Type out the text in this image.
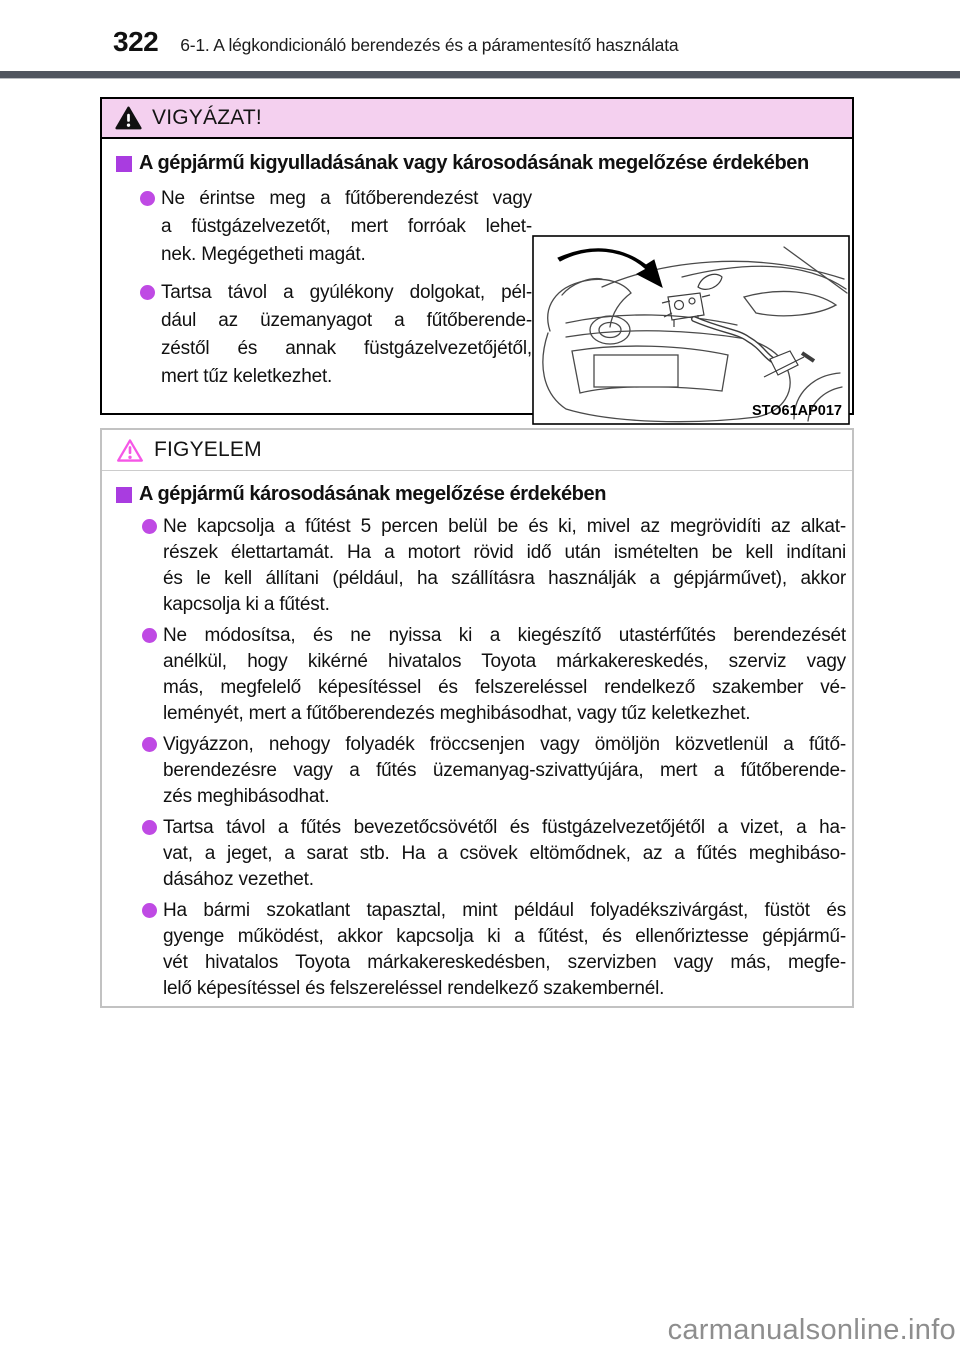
322 6-1. A légkondicionáló berendezés és a páramentesítő használata
VIGYÁZAT!
A gépjármű kigyulladásának vagy károsodásának megelőzése érdekében
Ne érintse meg a fűtőberendezést vagy
a füstgázelvezetőt, mert forróak lehet-
nek. Megégetheti magát.
Tartsa távol a gyúlékony dolgokat, pél-
dául az üzemanyagot a fűtőberende-
zéstől és annak füstgázelvezetőjétől,
mert tűz keletkezhet.
STO61AP017
FIGYELEM
A gépjármű károsodásának megelőzése érdekében
Ne kapcsolja a fűtést 5 percen belül be és ki, mivel az megrövidíti az alkat-
részek élettartamát. Ha a motort rövid idő után ismételten be kell indítani
és le kell állítani (például, ha szállításra használják a gépjárművet), akkor
kapcsolja ki a fűtést.
Ne módosítsa, és ne nyissa ki a kiegészítő utastérfűtés berendezését
anélkül, hogy kikérné hivatalos Toyota márkakereskedés, szerviz vagy
más, megfelelő képesítéssel és felszereléssel rendelkező szakember vé-
leményét, mert a fűtőberendezés meghibásodhat, vagy tűz keletkezhet.
Vigyázzon, nehogy folyadék fröccsenjen vagy ömöljön közvetlenül a fűtő-
berendezésre vagy a fűtés üzemanyag-szivattyújára, mert a fűtőberende-
zés meghibásodhat.
Tartsa távol a fűtés bevezetőcsövétől és füstgázelvezetőjétől a vizet, a ha-
vat, a jeget, a sarat stb. Ha a csövek eltömődnek, az a fűtés meghibáso-
dásához vezethet.
Ha bármi szokatlant tapasztal, mint például folyadékszivárgást, füstöt és
gyenge működést, akkor kapcsolja ki a fűtést, és ellenőriztesse gépjármű-
vét hivatalos Toyota márkakereskedésben, szervizben vagy más, megfe-
lelő képesítéssel és felszereléssel rendelkező szakembernél.
carmanualsonline.info
